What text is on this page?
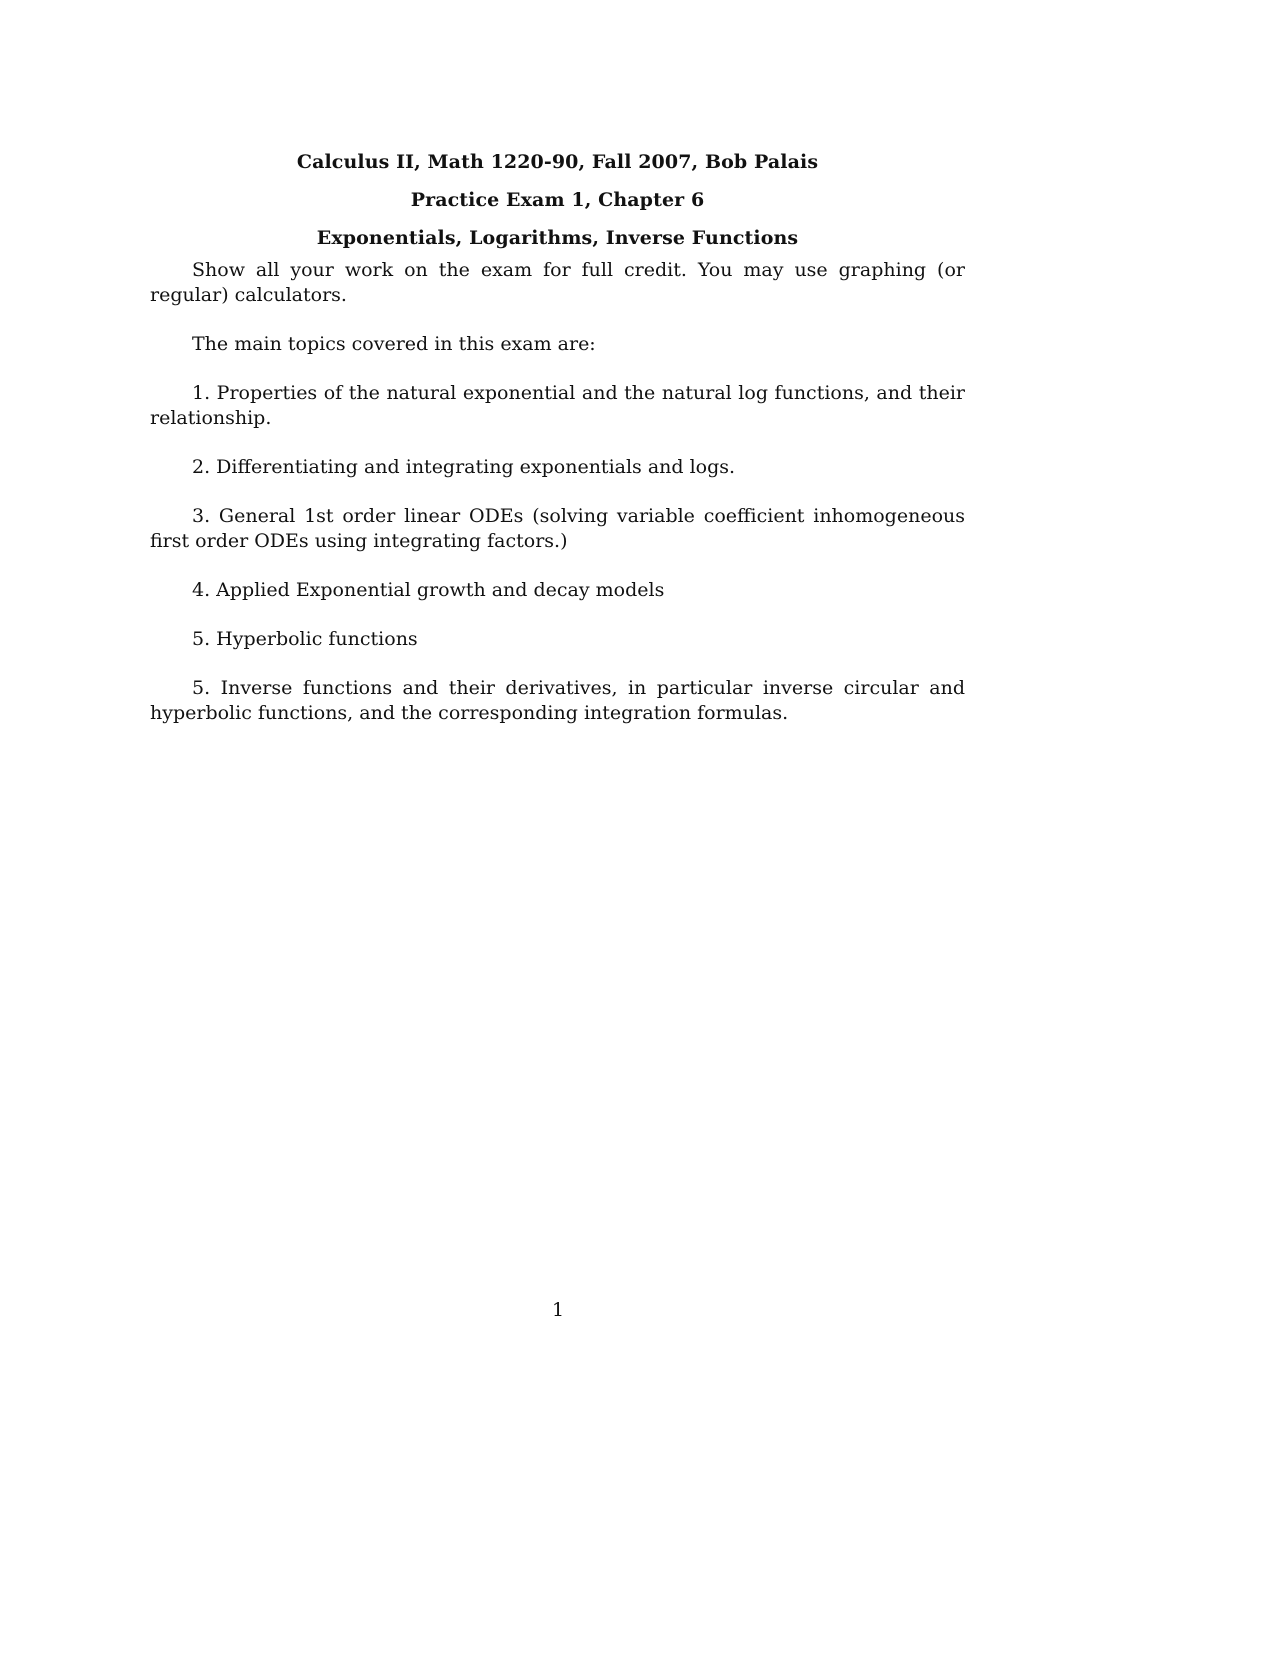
Calculus II, Math 1220-90, Fall 2007, Bob Palais
Practice Exam 1, Chapter 6
Exponentials, Logarithms, Inverse Functions

Show all your work on the exam for full credit. You may use graphing (or regular) calculators.

The main topics covered in this exam are:

1. Properties of the natural exponential and the natural log functions, and their relationship.

2. Differentiating and integrating exponentials and logs.

3. General 1st order linear ODEs (solving variable coefficient inhomogeneous first order ODEs using integrating factors.)

4. Applied Exponential growth and decay models

5. Hyperbolic functions

5. Inverse functions and their derivatives, in particular inverse circular and hyperbolic functions, and the corresponding integration formulas.

1
